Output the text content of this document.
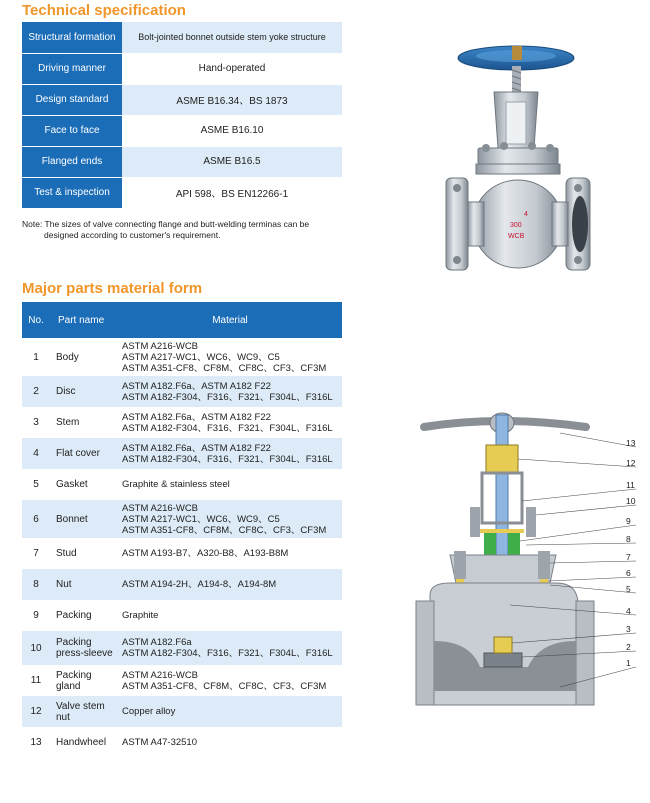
Technical specification
Structural formation	Bolt-jointed bonnet outside stem yoke structure
Driving manner	Hand-operated
Design standard	ASME B16.34、BS 1873
Face to face	ASME B16.10
Flanged ends	ASME B16.5
Test & inspection	API 598、BS EN12266-1
Note: The sizes of valve connecting flange and butt-welding terminas can be
designed according to customer's requirement.
Major parts material form
No.	Part name	Material
1	Body	ASTM A216-WCB
ASTM A217-WC1、WC6、WC9、C5
ASTM A351-CF8、CF8M、CF8C、CF3、CF3M

2	Disc	ASTM A182.F6a、ASTM A182 F22
ASTM A182-F304、F316、F321、F304L、F316L

3	Stem	ASTM A182.F6a、ASTM A182 F22
ASTM A182-F304、F316、F321、F304L、F316L

4	Flat cover	ASTM A182.F6a、ASTM A182 F22
ASTM A182-F304、F316、F321、F304L、F316L

5	Gasket	Graphite & stainless steel

6	Bonnet	ASTM A216-WCB
ASTM A217-WC1、WC6、WC9、C5
ASTM A351-CF8、CF8M、CF8C、CF3、CF3M

7	Stud	ASTM A193-B7、A320-B8、A193-B8M

8	Nut	ASTM A194-2H、A194-8、A194-8M

9	Packing	Graphite

10	Packing press-sleeve	ASTM A182.F6a
ASTM A182-F304、F316、F321、F304L、F316L

11	Packing gland	ASTM A216-WCB
ASTM A351-CF8、CF8M、CF8C、CF3、CF3M

12	Valve stem nut	Copper alloy

13	Handwheel	ASTM A47-32510
4
300
WCB
13
12
11
10
9
8
7
6
5
4
3
2
1
